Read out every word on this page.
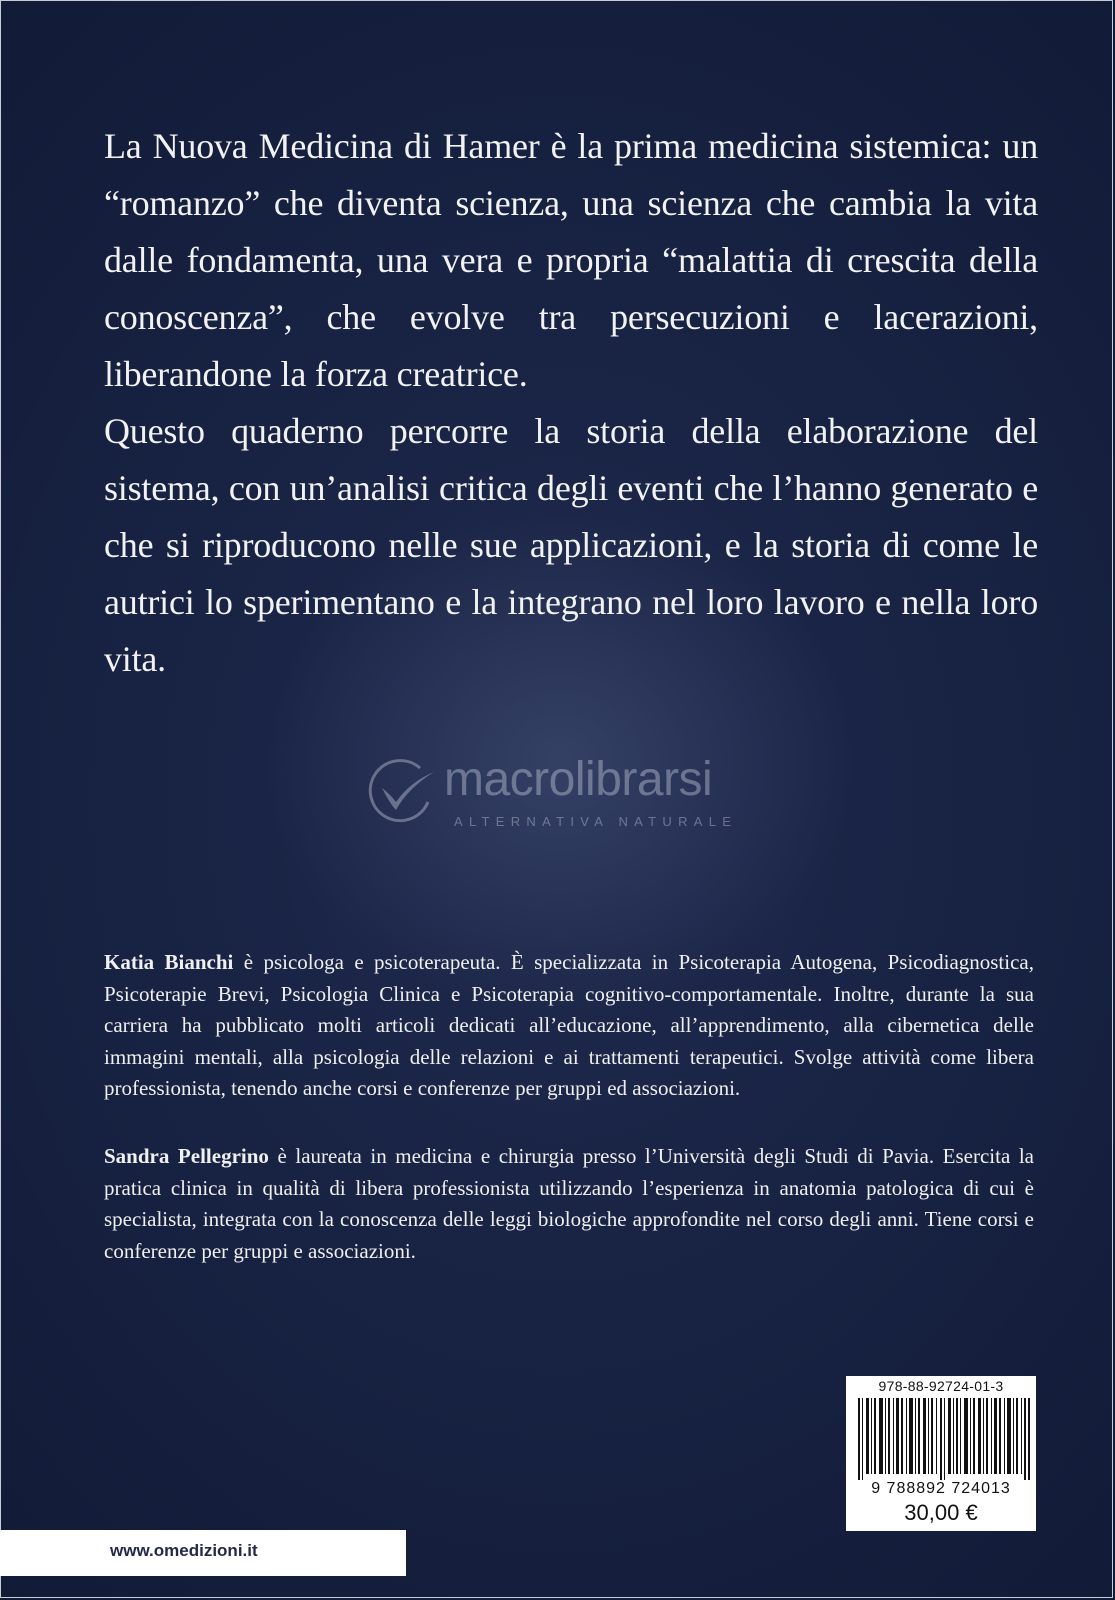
La Nuova Medicina di Hamer è la prima medicina sistemica: un “romanzo” che diventa scienza, una scienza che cambia la vita dalle fondamenta, una vera e propria “malattia di crescita della conoscenza”, che evolve tra persecuzioni e lacerazioni, liberandone la forza creatrice.

Questo quaderno percorre la storia della elaborazione del sistema, con un’analisi critica degli eventi che l’hanno generato e che si riproducono nelle sue applicazioni, e la storia di come le autrici lo sperimentano e la integrano nel loro lavoro e nella loro vita.

macrolibrarsi
ALTERNATIVA NATURALE
Katia Bianchi è psicologa e psicoterapeuta. È specializzata in Psicoterapia Autogena, Psicodiagnostica, Psicoterapie Brevi, Psicologia Clinica e Psicoterapia cognitivo-comportamentale. Inoltre, durante la sua carriera ha pubblicato molti articoli dedicati all’educazione, all’apprendimento, alla cibernetica delle immagini mentali, alla psicologia delle relazioni e ai trattamenti terapeutici. Svolge attività come libera professionista, tenendo anche corsi e conferenze per gruppi ed associazioni.
Sandra Pellegrino è laureata in medicina e chirurgia presso l’Università degli Studi di Pavia. Esercita la pratica clinica in qualità di libera professionista utilizzando l’esperienza in anatomia patologica di cui è specialista, integrata con la conoscenza delle leggi biologiche approfondite nel corso degli anni. Tiene corsi e conferenze per gruppi e associazioni.
978-88-92724-01-3
9 788892 724013
30,00 €
www.omedizioni.it
